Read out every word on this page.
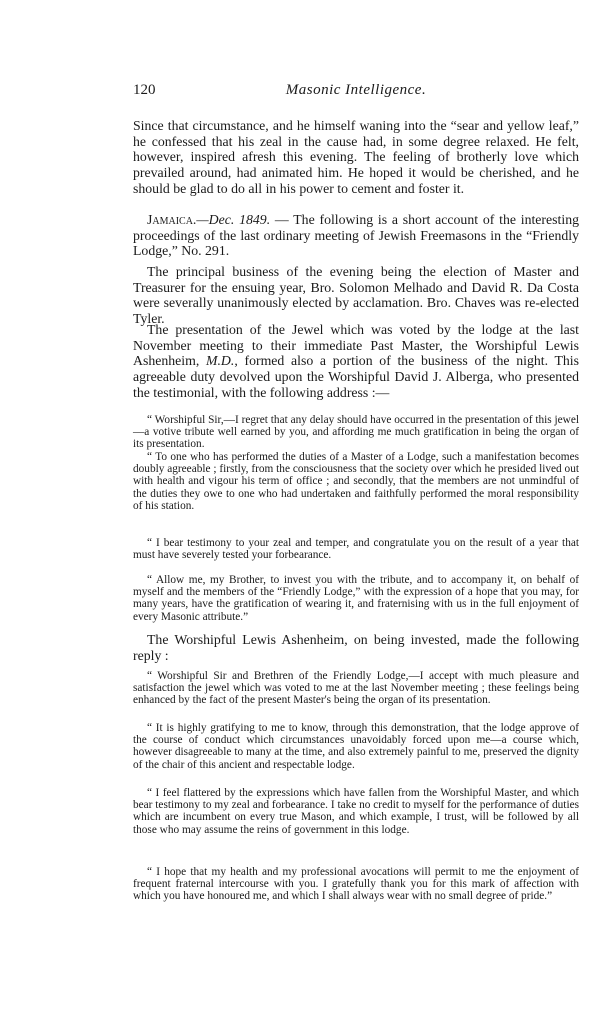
120	Masonic Intelligence.

Since that circumstance, and he himself waning into the “sear and yellow leaf,” he confessed that his zeal in the cause had, in some degree relaxed. He felt, however, inspired afresh this evening. The feeling of brotherly love which prevailed around, had animated him. He hoped it would be cherished, and he should be glad to do all in his power to cement and foster it.

Jamaica.—Dec. 1849. — The following is a short account of the interesting proceedings of the last ordinary meeting of Jewish Freemasons in the “Friendly Lodge,” No. 291.

The principal business of the evening being the election of Master and Treasurer for the ensuing year, Bro. Solomon Melhado and David R. Da Costa were severally unanimously elected by acclamation. Bro. Chaves was re-elected Tyler.

The presentation of the Jewel which was voted by the lodge at the last November meeting to their immediate Past Master, the Worshipful Lewis Ashenheim, M.D., formed also a portion of the business of the night. This agreeable duty devolved upon the Worshipful David J. Alberga, who presented the testimonial, with the following address :—

“ Worshipful Sir,—I regret that any delay should have occurred in the presentation of this jewel—a votive tribute well earned by you, and affording me much gratification in being the organ of its presentation.

“ To one who has performed the duties of a Master of a Lodge, such a manifestation becomes doubly agreeable ; firstly, from the consciousness that the society over which he presided lived out with health and vigour his term of office ; and secondly, that the members are not unmindful of the duties they owe to one who had undertaken and faithfully performed the moral responsibility of his station.

“ I bear testimony to your zeal and temper, and congratulate you on the result of a year that must have severely tested your forbearance.

“ Allow me, my Brother, to invest you with the tribute, and to accompany it, on behalf of myself and the members of the “Friendly Lodge,” with the expression of a hope that you may, for many years, have the gratification of wearing it, and fraternising with us in the full enjoyment of every Masonic attribute.”

The Worshipful Lewis Ashenheim, on being invested, made the following reply :

“ Worshipful Sir and Brethren of the Friendly Lodge,—I accept with much pleasure and satisfaction the jewel which was voted to me at the last November meeting ; these feelings being enhanced by the fact of the present Master's being the organ of its presentation.

“ It is highly gratifying to me to know, through this demonstration, that the lodge approve of the course of conduct which circumstances unavoidably forced upon me—a course which, however disagreeable to many at the time, and also extremely painful to me, preserved the dignity of the chair of this ancient and respectable lodge.

“ I feel flattered by the expressions which have fallen from the Worshipful Master, and which bear testimony to my zeal and forbearance. I take no credit to myself for the performance of duties which are incumbent on every true Mason, and which example, I trust, will be followed by all those who may assume the reins of government in this lodge.

“ I hope that my health and my professional avocations will permit to me the enjoyment of frequent fraternal intercourse with you. I gratefully thank you for this mark of affection with which you have honoured me, and which I shall always wear with no small degree of pride.”
